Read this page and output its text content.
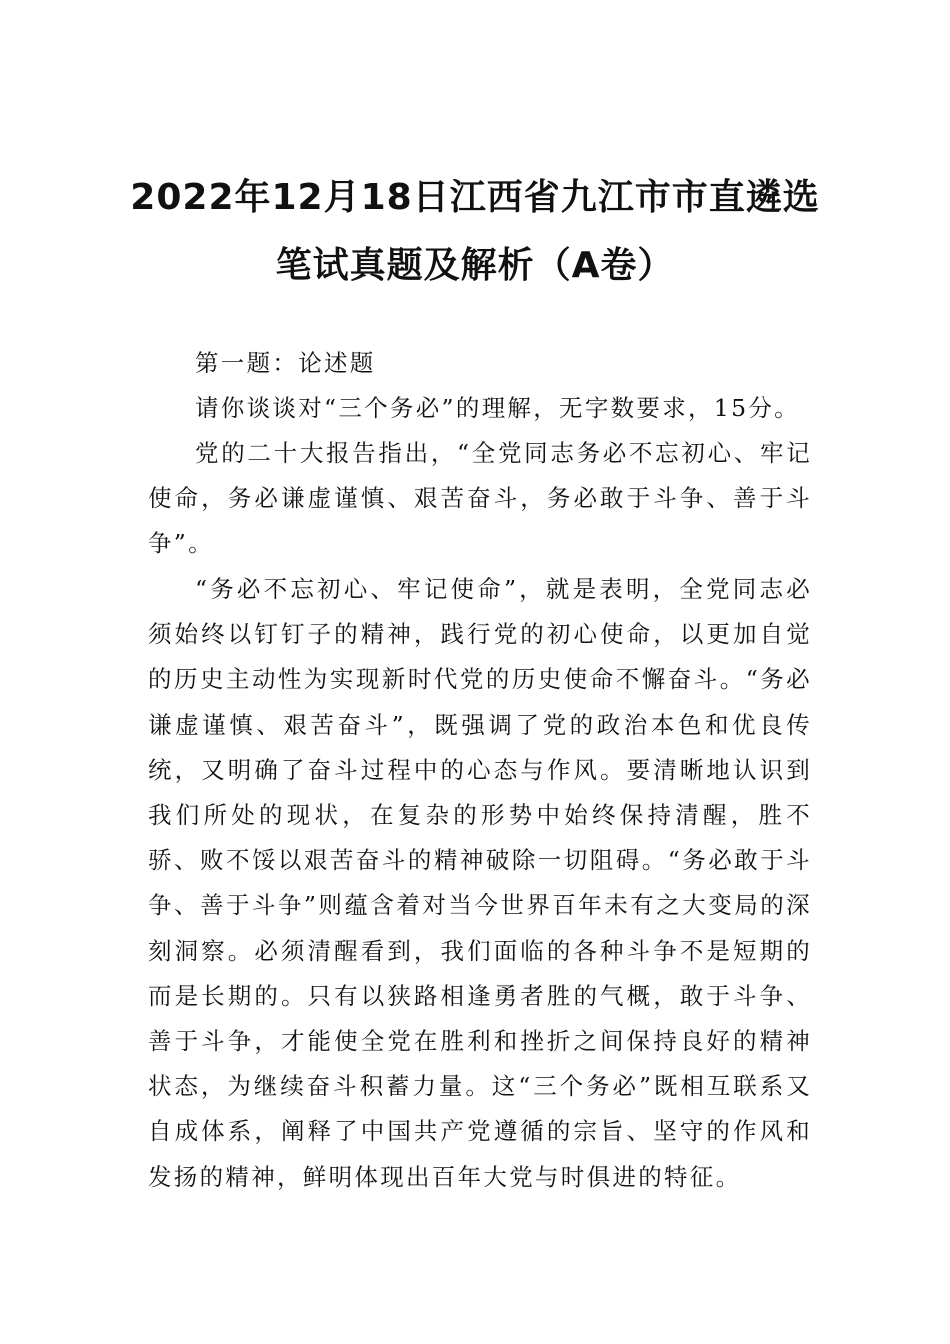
2022年12月18日江西省九江市市直遴选
笔试真题及解析（A卷）

第一题：论述题

请你谈谈对“三个务必”的理解，无字数要求，15分。

党的二十大报告指出，“全党同志务必不忘初心、牢记使命，务必谦虚谨慎、艰苦奋斗，务必敢于斗争、善于斗争”。

“务必不忘初心、牢记使命”，就是表明，全党同志必须始终以钉钉子的精神，践行党的初心使命，以更加自觉的历史主动性为实现新时代党的历史使命不懈奋斗。“务必谦虚谨慎、艰苦奋斗”，既强调了党的政治本色和优良传统，又明确了奋斗过程中的心态与作风。要清晰地认识到我们所处的现状，在复杂的形势中始终保持清醒，胜不骄、败不馁以艰苦奋斗的精神破除一切阻碍。“务必敢于斗争、善于斗争”则蕴含着对当今世界百年未有之大变局的深刻洞察。必须清醒看到，我们面临的各种斗争不是短期的而是长期的。只有以狭路相逢勇者胜的气概，敢于斗争、善于斗争，才能使全党在胜利和挫折之间保持良好的精神状态，为继续奋斗积蓄力量。这“三个务必”既相互联系又自成体系，阐释了中国共产党遵循的宗旨、坚守的作风和发扬的精神，鲜明体现出百年大党与时俱进的特征。
